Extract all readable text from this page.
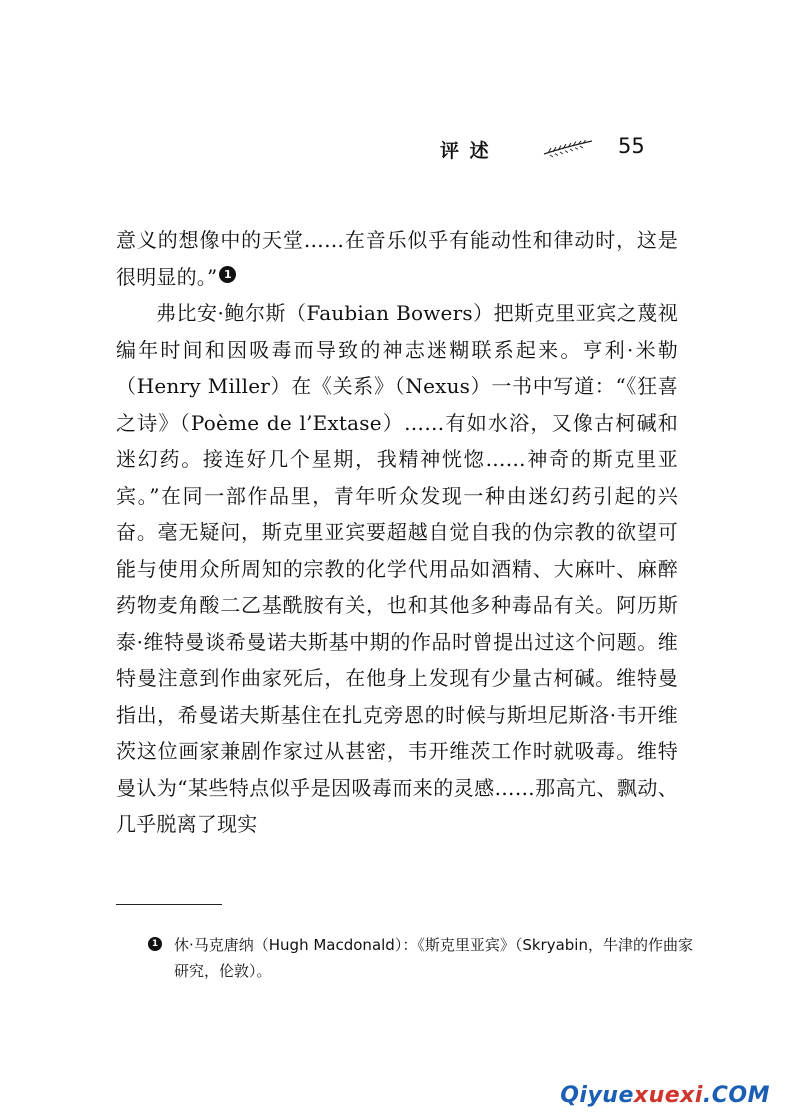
评 述	55

意义的想像中的天堂……在音乐似乎有能动性和律动时，这是很明显的。” 1

弗比安·鲍尔斯（Faubian Bowers）把斯克里亚宾之蔑视编年时间和因吸毒而导致的神志迷糊联系起来。亨利·米勒（Henry Miller）在《关系》（Nexus）一书中写道：“《狂喜之诗》（Poème de l’Extase）……有如水浴，又像古柯碱和迷幻药。接连好几个星期，我精神恍惚……神奇的斯克里亚宾。”在同一部作品里，青年听众发现一种由迷幻药引起的兴奋。毫无疑问，斯克里亚宾要超越自觉自我的伪宗教的欲望可能与使用众所周知的宗教的化学代用品如酒精、大麻叶、麻醉药物麦角酸二乙基酰胺有关，也和其他多种毒品有关。阿历斯泰·维特曼谈希曼诺夫斯基中期的作品时曾提出过这个问题。维特曼注意到作曲家死后，在他身上发现有少量古柯碱。维特曼指出，希曼诺夫斯基住在扎克旁恩的时候与斯坦尼斯洛·韦开维茨这位画家兼剧作家过从甚密，韦开维茨工作时就吸毒。维特曼认为“某些特点似乎是因吸毒而来的灵感……那高亢、飘动、几乎脱离了现实

1 休·马克唐纳（Hugh Macdonald）：《斯克里亚宾》（Skryabin，牛津的作曲家研究，伦敦）。
Qiyuexuexi.COM
